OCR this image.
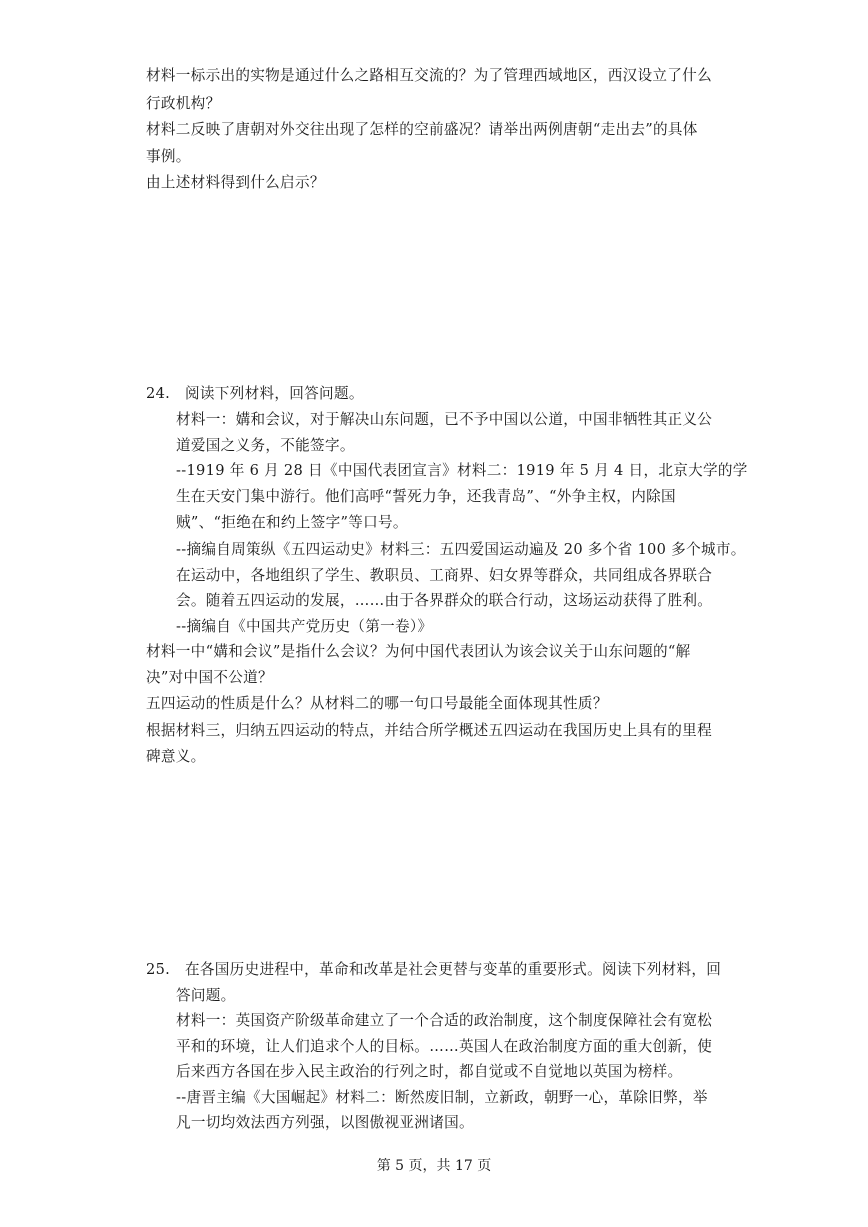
材料一标示出的实物是通过什么之路相互交流的？为了管理西域地区，西汉设立了什么
行政机构？
材料二反映了唐朝对外交往出现了怎样的空前盛况？请举出两例唐朝“走出去”的具体
事例。
由上述材料得到什么启示？
24.　阅读下列材料，回答问题。
材料一：媾和会议，对于解决山东问题，已不予中国以公道，中国非牺牲其正义公
道爱国之义务，不能签字。
--1919 年 6 月 28 日《中国代表团宣言》材料二：1919 年 5 月 4 日，北京大学的学
生在天安门集中游行。他们高呼“誓死力争，还我青岛”、“外争主权，内除国
贼”、“拒绝在和约上签字”等口号。
--摘编自周策纵《五四运动史》材料三：五四爱国运动遍及 20 多个省 100 多个城市。
在运动中，各地组织了学生、教职员、工商界、妇女界等群众，共同组成各界联合
会。随着五四运动的发展，……由于各界群众的联合行动，这场运动获得了胜利。
--摘编自《中国共产党历史（第一卷）》
材料一中“媾和会议”是指什么会议？为何中国代表团认为该会议关于山东问题的“解
决”对中国不公道？
五四运动的性质是什么？从材料二的哪一句口号最能全面体现其性质？
根据材料三，归纳五四运动的特点，并结合所学概述五四运动在我国历史上具有的里程
碑意义。
25.　在各国历史进程中，革命和改革是社会更替与变革的重要形式。阅读下列材料，回
答问题。
材料一：英国资产阶级革命建立了一个合适的政治制度，这个制度保障社会有宽松
平和的环境，让人们追求个人的目标。……英国人在政治制度方面的重大创新，使
后来西方各国在步入民主政治的行列之时，都自觉或不自觉地以英国为榜样。
--唐晋主编《大国崛起》材料二：断然废旧制，立新政，朝野一心，革除旧弊，举
凡一切均效法西方列强，以图傲视亚洲诸国。
第 5 页，共 17 页
